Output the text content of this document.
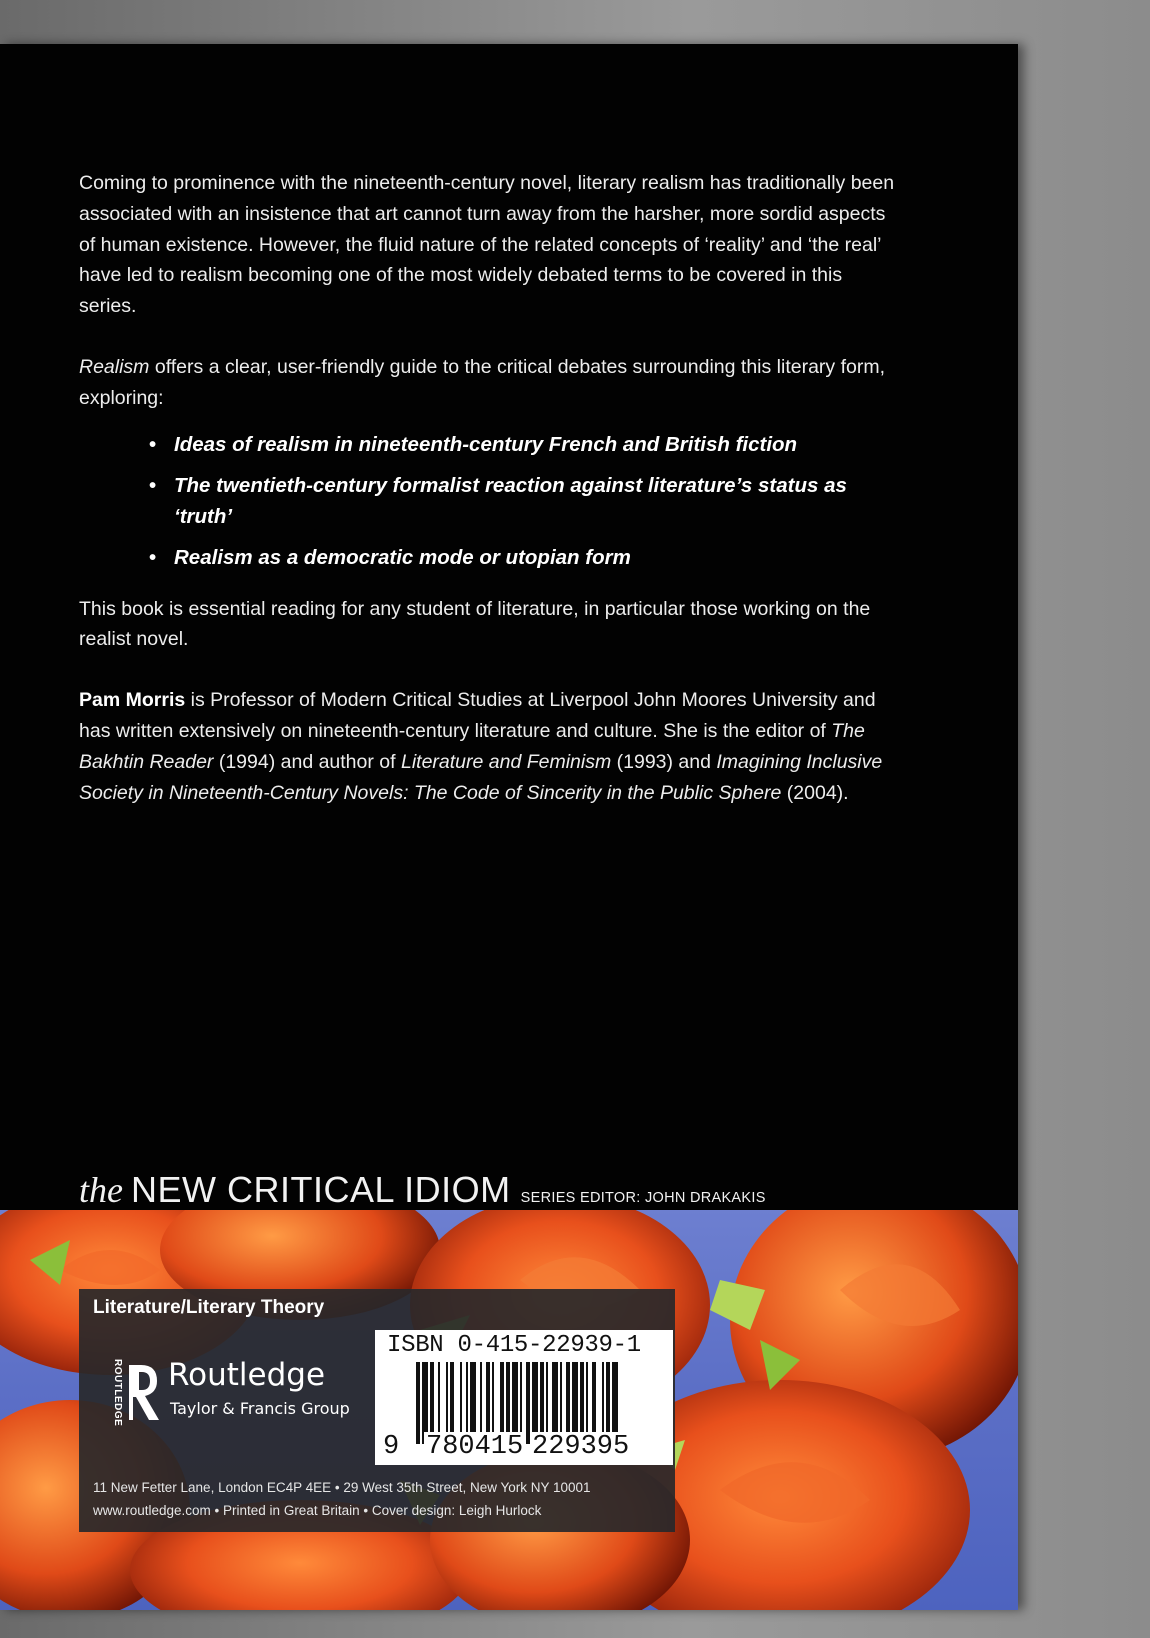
Coming to prominence with the nineteenth-century novel, literary realism has traditionally been associated with an insistence that art cannot turn away from the harsher, more sordid aspects of human existence. However, the fluid nature of the related concepts of ‘reality’ and ‘the real’ have led to realism becoming one of the most widely debated terms to be covered in this series.

Realism offers a clear, user-friendly guide to the critical debates surrounding this literary form, exploring:

• Ideas of realism in nineteenth-century French and British fiction
• The twentieth-century formalist reaction against literature’s status as ‘truth’
• Realism as a democratic mode or utopian form

This book is essential reading for any student of literature, in particular those working on the realist novel.

Pam Morris is Professor of Modern Critical Studies at Liverpool John Moores University and has written extensively on nineteenth-century literature and culture. She is the editor of The Bakhtin Reader (1994) and author of Literature and Feminism (1993) and Imagining Inclusive Society in Nineteenth-Century Novels: The Code of Sincerity in the Public Sphere (2004).

the NEW CRITICAL IDIOM SERIES EDITOR: JOHN DRAKAKIS
Literature/Literary Theory
ROUTLEDGE Routledge
Taylor & Francis Group
ISBN 0-415-22939-1
9 780415 229395
11 New Fetter Lane, London EC4P 4EE • 29 West 35th Street, New York NY 10001
www.routledge.com • Printed in Great Britain • Cover design: Leigh Hurlock
